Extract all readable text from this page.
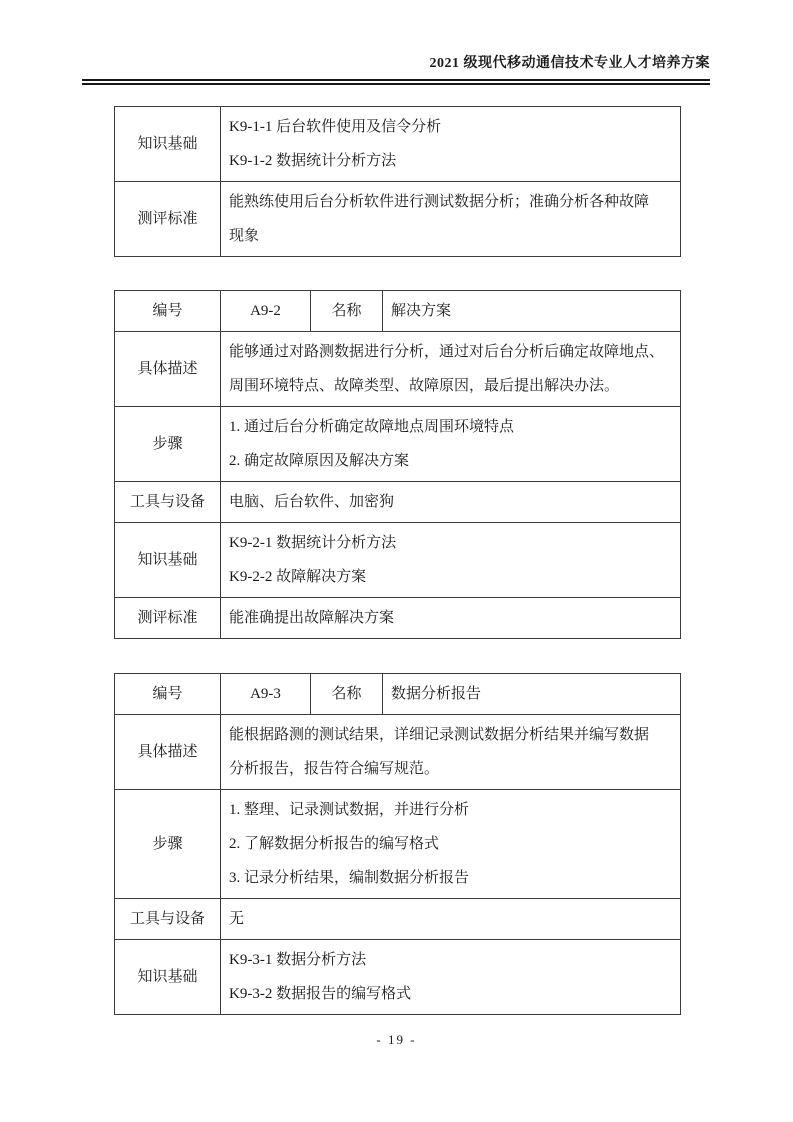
2021 级现代移动通信技术专业人才培养方案

知识基础	K9-1-1 后台软件使用及信令分析

K9-1-2 数据统计分析方法

测评标准	能熟练使用后台分析软件进行测试数据分析；准确分析各种故障

现象

编号	A9-2	名称	解决方案

具体描述	能够通过对路测数据进行分析，通过对后台分析后确定故障地点、

周围环境特点、故障类型、故障原因，最后提出解决办法。		

步骤	1. 通过后台分析确定故障地点周围环境特点

2. 确定故障原因及解决方案		

工具与设备	电脑、后台软件、加密狗		

知识基础	K9-2-1 数据统计分析方法

K9-2-2 故障解决方案		

测评标准	能准确提出故障解决方案		

编号	A9-3	名称	数据分析报告

具体描述	能根据路测的测试结果，详细记录测试数据分析结果并编写数据

分析报告，报告符合编写规范。		

步骤	1. 整理、记录测试数据，并进行分析

2. 了解数据分析报告的编写格式

3. 记录分析结果，编制数据分析报告		

工具与设备	无		

知识基础	K9-3-1 数据分析方法

K9-3-2 数据报告的编写格式		

- 19 -
